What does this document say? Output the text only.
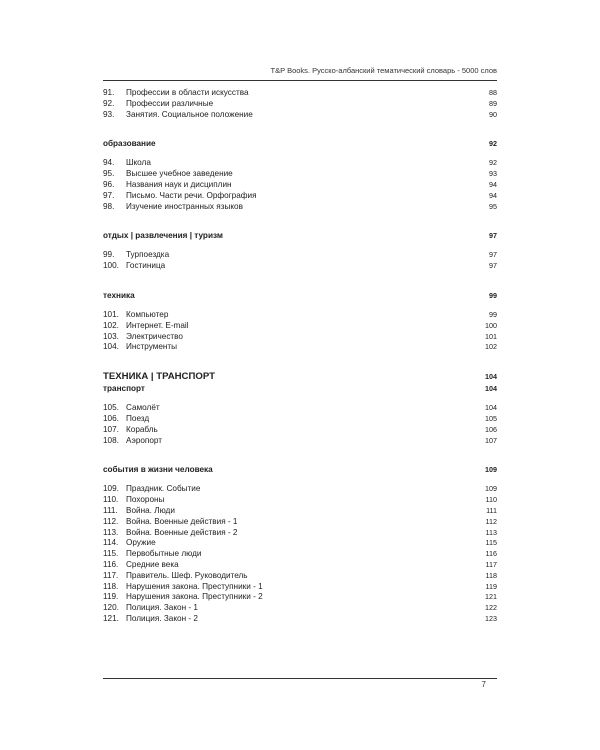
T&P Books. Русско-албанский тематический словарь - 5000 слов
91.	Профессии в области искусства	88
92.	Профессии различные	89
93.	Занятия. Социальное положение	90
образование	92
94.	Школа	92
95.	Высшее учебное заведение	93
96.	Названия наук и дисциплин	94
97.	Письмо. Части речи. Орфография	94
98.	Изучение иностранных языков	95
отдых | развлечения | туризм	97
99.	Турпоездка	97
100. Гостиница	97
техника	99
101. Компьютер	99
102. Интернет. E-mail	100
103. Электричество	101
104. Инструменты	102
ТЕХНИКА | ТРАНСПОРТ	104
транспорт	104
105. Самолёт	104
106. Поезд	105
107. Корабль	106
108. Аэропорт	107
события в жизни человека	109
109. Праздник. Событие	109
110. Похороны	110
111.	Война. Люди	111
112. Война. Военные действия - 1	112
113. Война. Военные действия - 2	113
114. Оружие	115
115. Первобытные люди	116
116. Средние века	117
117. Правитель. Шеф. Руководитель	118
118. Нарушения закона. Преступники - 1	119
119. Нарушения закона. Преступники - 2	121
120. Полиция. Закон - 1	122
121. Полиция. Закон - 2	123
7
